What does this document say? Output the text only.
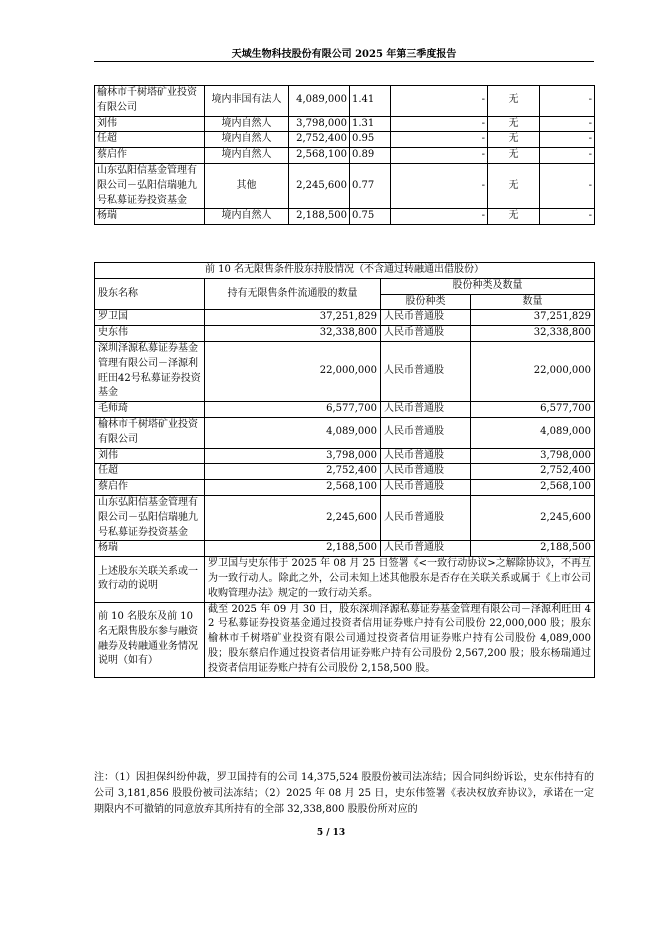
天域生物科技股份有限公司 2025 年第三季度报告
榆林市千树塔矿业投资有限公司	境内非国有法人	4,089,000	1.41	-	无	-
刘伟	境内自然人	3,798,000	1.31	-	无	-
任超	境内自然人	2,752,400	0.95	-	无	-
蔡启作	境内自然人	2,568,100	0.89	-	无	-
山东弘阳信基金管理有限公司－弘阳信瑞驰九号私募证券投资基金	其他	2,245,600	0.77	-	无	-
杨瑞	境内自然人	2,188,500	0.75	-	无	-
前 10 名无限售条件股东持股情况（不含通过转融通出借股份）			
股东名称	持有无限售条件流通股的数量	股份种类及数量	
		股份种类	数量
罗卫国	37,251,829	人民币普通股	37,251,829
史东伟	32,338,800	人民币普通股	32,338,800
深圳泽源私募证券基金管理有限公司－泽源利旺田42号私募证券投资基金	22,000,000	人民币普通股	22,000,000
毛师琦	6,577,700	人民币普通股	6,577,700
榆林市千树塔矿业投资有限公司	4,089,000	人民币普通股	4,089,000
刘伟	3,798,000	人民币普通股	3,798,000
任超	2,752,400	人民币普通股	2,752,400
蔡启作	2,568,100	人民币普通股	2,568,100
山东弘阳信基金管理有限公司－弘阳信瑞驰九号私募证券投资基金	2,245,600	人民币普通股	2,245,600
杨瑞	2,188,500	人民币普通股	2,188,500
上述股东关联关系或一致行动的说明	罗卫国与史东伟于 2025 年 08 月 25 日签署《<一致行动协议>之解除协议》，不再互为一致行动人。除此之外，公司未知上述其他股东是否存在关联关系或属于《上市公司收购管理办法》规定的一致行动关系。		
前 10 名股东及前 10 名无限售股东参与融资融券及转融通业务情况说明（如有）	截至 2025 年 09 月 30 日，股东深圳泽源私募证券基金管理有限公司－泽源利旺田 42 号私募证券投资基金通过投资者信用证券账户持有公司股份 22,000,000 股；股东榆林市千树塔矿业投资有限公司通过投资者信用证券账户持有公司股份 4,089,000 股；股东蔡启作通过投资者信用证券账户持有公司股份 2,567,200 股；股东杨瑞通过投资者信用证券账户持有公司股份 2,158,500 股。		
注：（1）因担保纠纷仲裁，罗卫国持有的公司 14,375,524 股股份被司法冻结；因合同纠纷诉讼，史东伟持有的公司 3,181,856 股股份被司法冻结；（2）2025 年 08 月 25 日，史东伟签署《表决权放弃协议》，承诺在一定期限内不可撤销的同意放弃其所持有的全部 32,338,800 股股份所对应的
5 / 13
